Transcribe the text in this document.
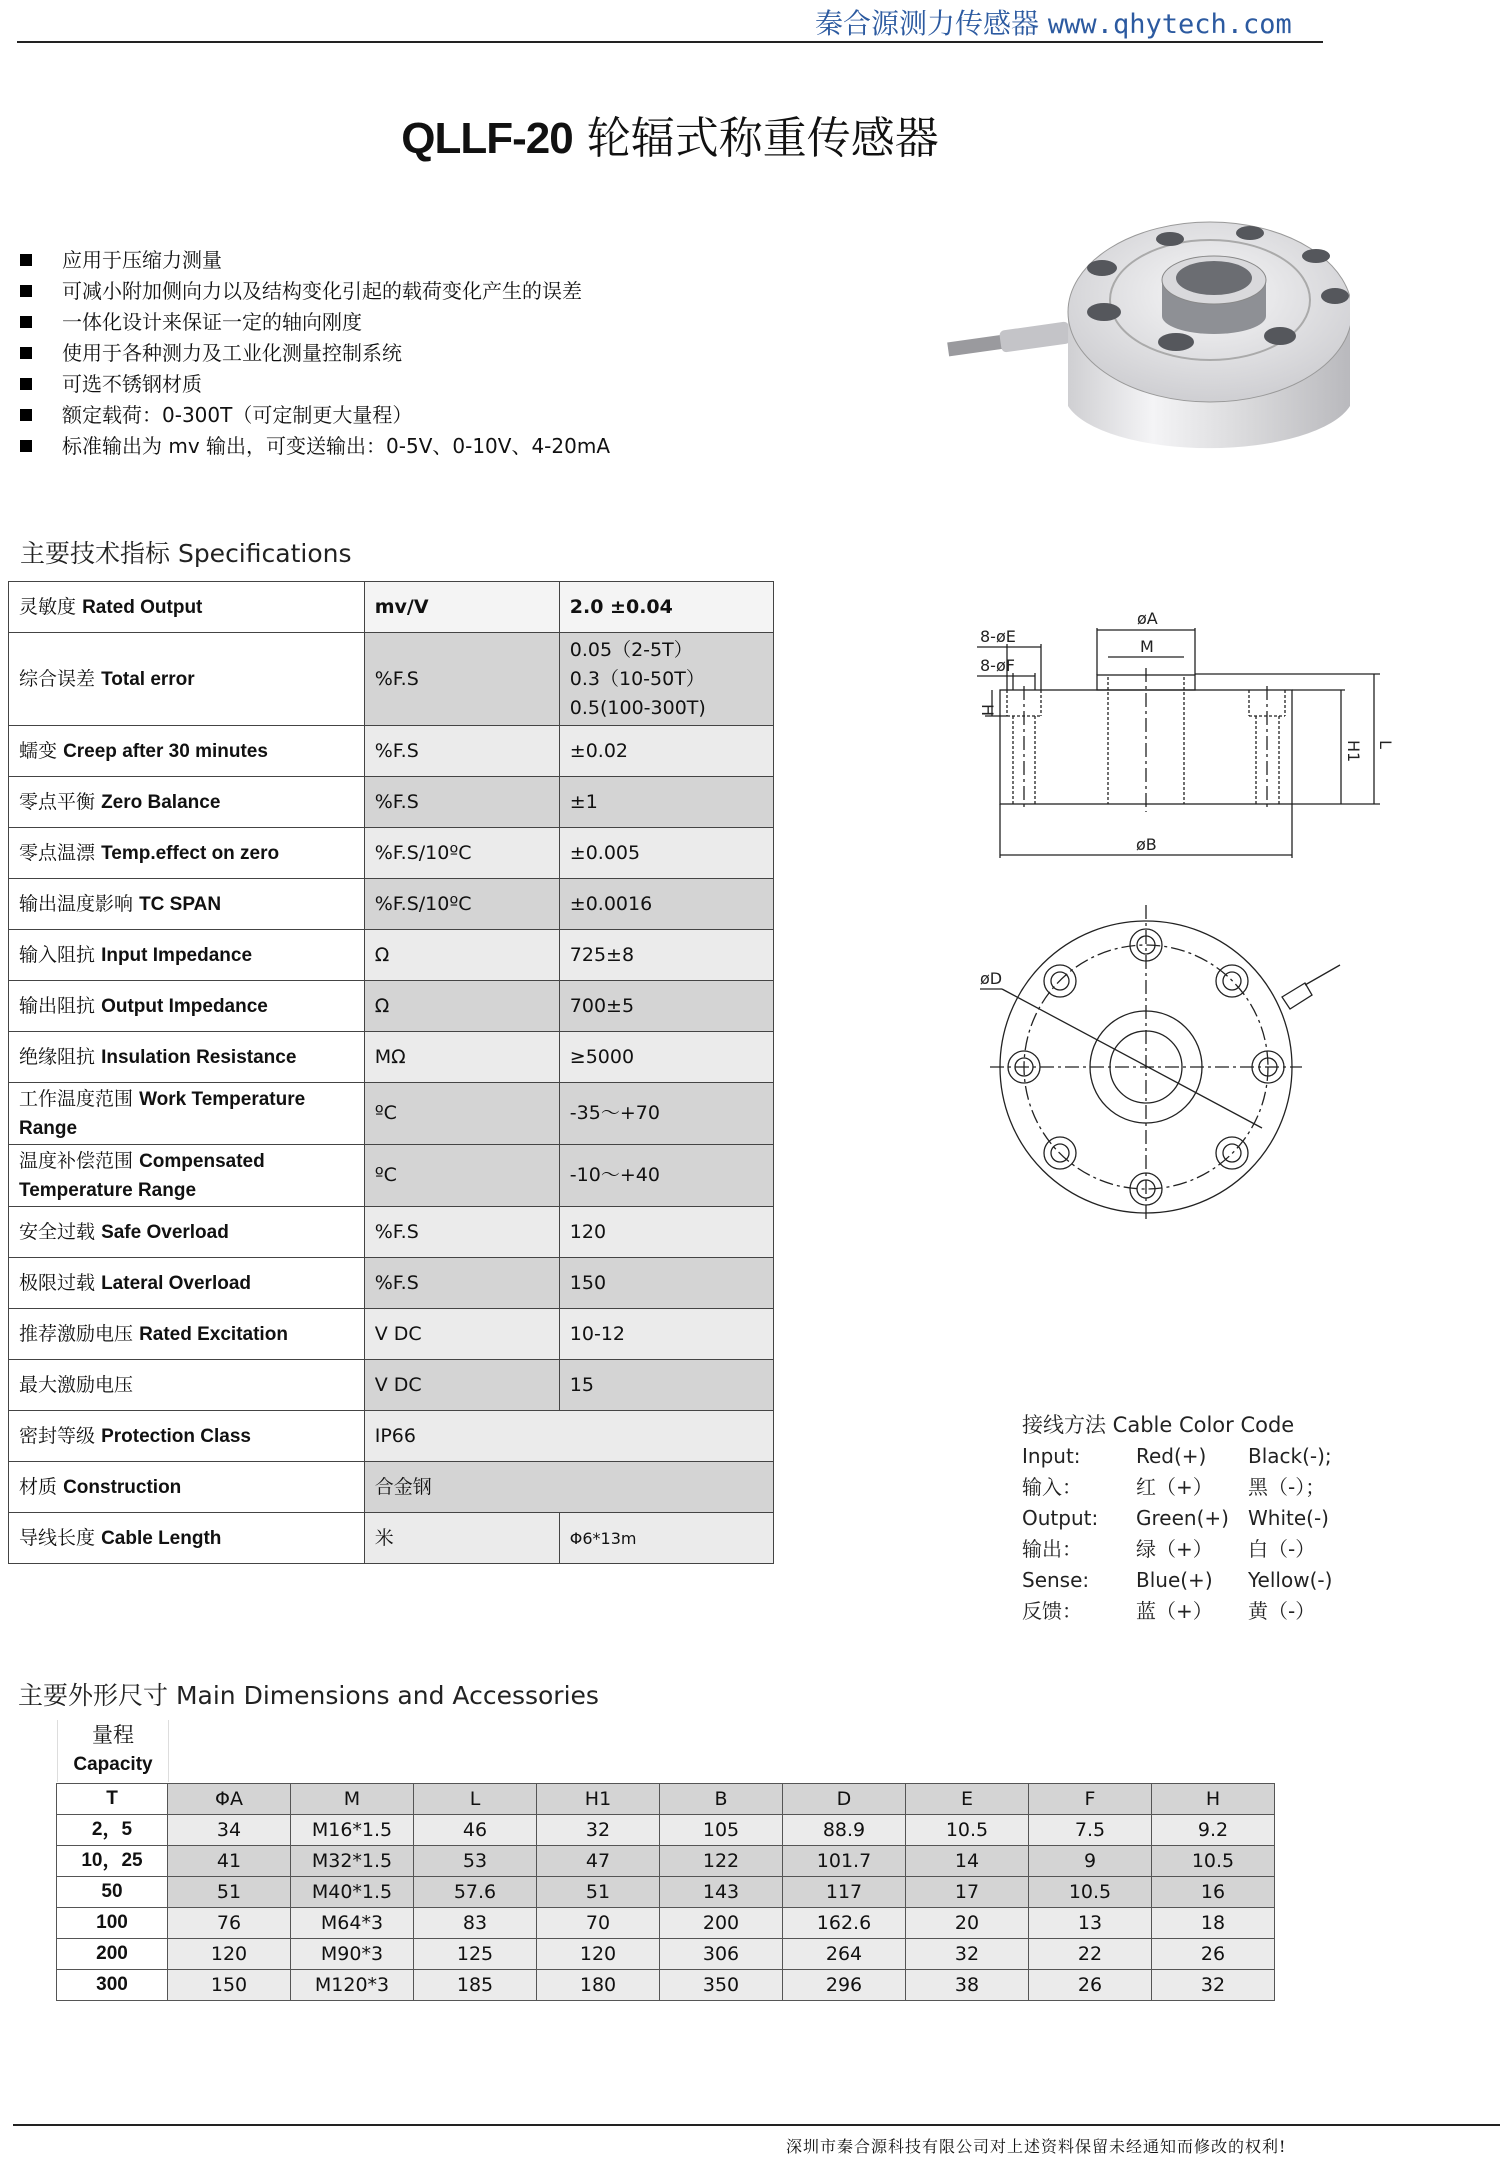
秦合源测力传感器 www.qhytech.com
QLLF-20 轮辐式称重传感器
应用于压缩力测量
可减小附加侧向力以及结构变化引起的载荷变化产生的误差
一体化设计来保证一定的轴向刚度
使用于各种测力及工业化测量控制系统
可选不锈钢材质
额定载荷：0-300T（可定制更大量程）
标准输出为 mv 输出，可变送输出：0-5V、0-10V、4-20mA
主要技术指标 Specifications
灵敏度 Rated Output	mv/V	2.0 ±0.04
综合误差 Total error	%F.S	0.05（2-5T）
0.3（10-50T）
0.5(100-300T)

蠕变 Creep after 30 minutes	%F.S	±0.02
零点平衡 Zero Balance	%F.S	±1
零点温漂 Temp.effect on zero	%F.S/10ºC	±0.005
输出温度影响 TC SPAN	%F.S/10ºC	±0.0016
输入阻抗 Input Impedance	Ω	725±8
输出阻抗 Output Impedance	Ω	700±5
绝缘阻抗 Insulation Resistance	MΩ	≥5000
工作温度范围 Work Temperature Range	ºC	-35～+70
温度补偿范围 Compensated Temperature Range	ºC	-10～+40
安全过载 Safe Overload	%F.S	120
极限过载 Lateral Overload	%F.S	150
推荐激励电压 Rated Excitation	V DC	10-12
最大激励电压	V DC	15
密封等级 Protection Class	IP66	
材质 Construction	合金钢	
导线长度 Cable Length	米	Φ6*13m
øA
M
8-øE
8-øF
H
H1 L
øB
øD
接线方法 Cable Color Code
Input:	Red(+)	Black(-);
输入：	红（+）	黑（-）；
Output:	Green(+) White(-)
输出：	绿（+）	白（-）
Sense:	Blue(+)	Yellow(-)
反馈：	蓝（+）	黄（-）
主要外形尺寸 Main Dimensions and Accessories
量程
Capacity
T	ΦA	M	L	H1	B	D	E	F	H
2，5	34	M16*1.5	46	32	105	88.9	10.5	7.5	9.2
10，25	41	M32*1.5	53	47	122	101.7	14	9	10.5
50	51	M40*1.5	57.6	51	143	117	17	10.5	16
100	76	M64*3	83	70	200	162.6	20	13	18
200	120	M90*3	125	120	306	264	32	22	26
300	150	M120*3	185	180	350	296	38	26	32
深圳市秦合源科技有限公司对上述资料保留未经通知而修改的权利!
